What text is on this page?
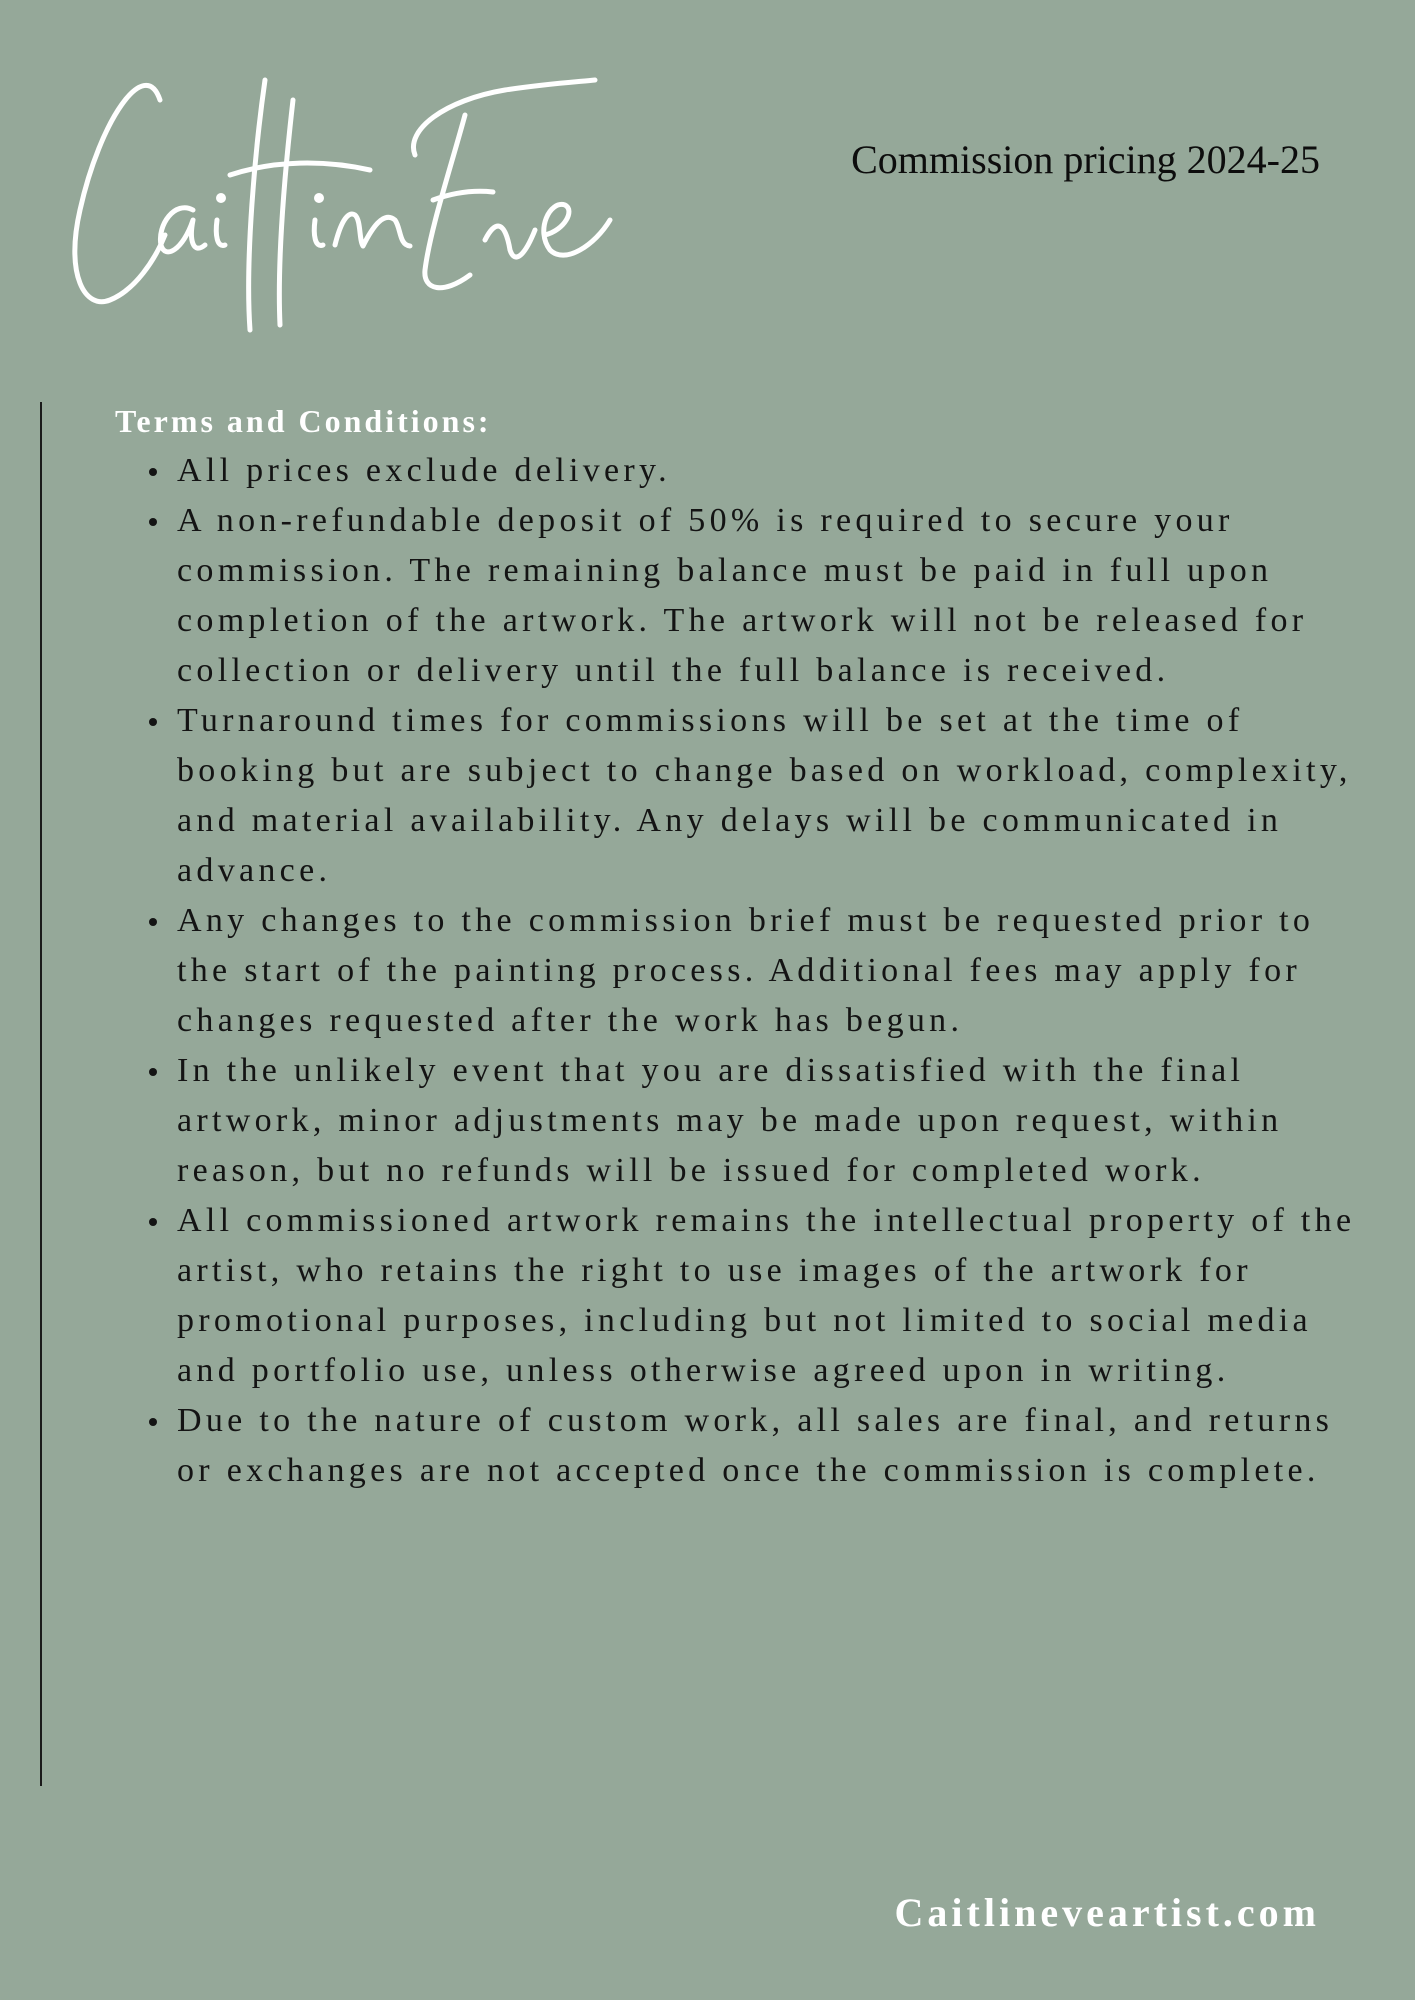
Commission pricing 2024-25
Terms and Conditions:
All prices exclude delivery.
A non-refundable deposit of 50% is required to secure your commission. The remaining balance must be paid in full upon completion of the artwork. The artwork will not be released for collection or delivery until the full balance is received.
Turnaround times for commissions will be set at the time of booking but are subject to change based on workload, complexity, and material availability. Any delays will be communicated in advance.
Any changes to the commission brief must be requested prior to the start of the painting process. Additional fees may apply for changes requested after the work has begun.
In the unlikely event that you are dissatisfied with the final artwork, minor adjustments may be made upon request, within reason, but no refunds will be issued for completed work.
All commissioned artwork remains the intellectual property of the artist, who retains the right to use images of the artwork for promotional purposes, including but not limited to social media and portfolio use, unless otherwise agreed upon in writing.
Due to the nature of custom work, all sales are final, and returns or exchanges are not accepted once the commission is complete.
Caitlineveartist.com
